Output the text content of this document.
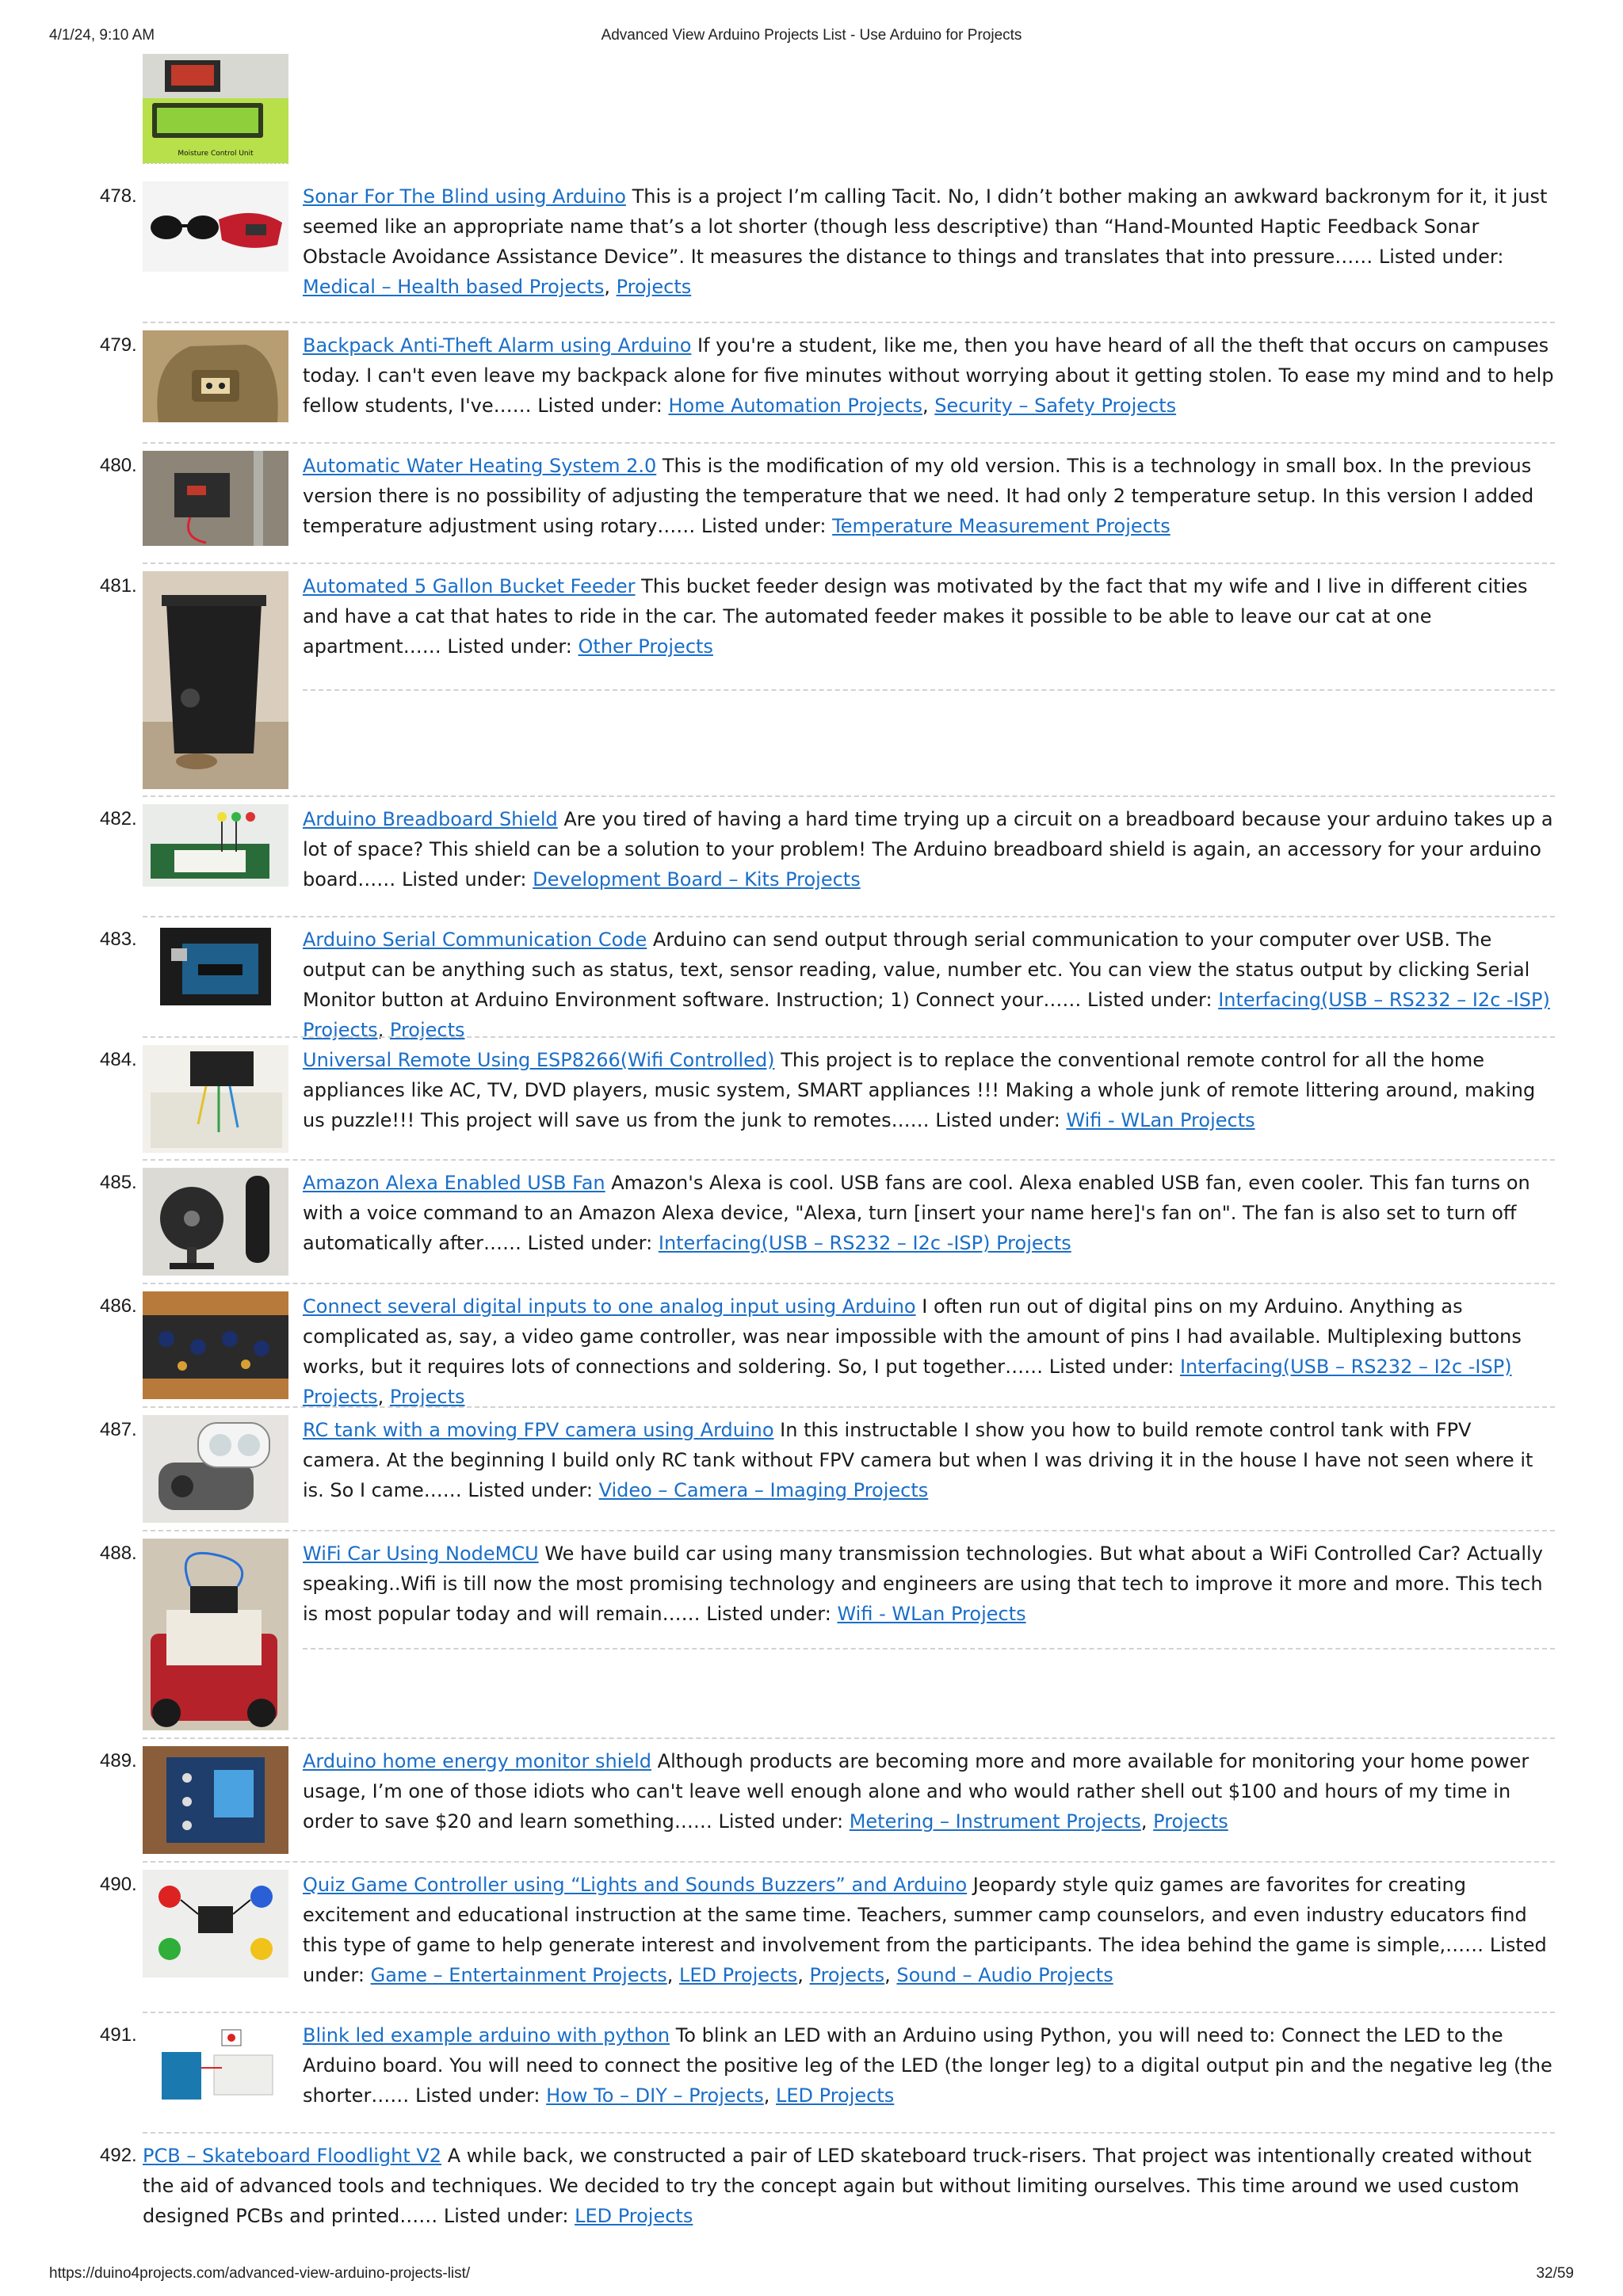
4/1/24, 9:10 AM	Advanced View Arduino Projects List - Use Arduino for Projects
Moisture Control Unit
478.	Sonar For The Blind using Arduino This is a project I’m calling Tacit. No, I didn’t bother making an awkward backronym for it, it just seemed like an appropriate name that’s a lot shorter (though less descriptive) than “Hand-Mounted Haptic Feedback Sonar Obstacle Avoidance Assistance Device”. It measures the distance to things and translates that into pressure…… Listed under: Medical – Health based Projects, Projects
479.	Backpack Anti-Theft Alarm using Arduino If you're a student, like me, then you have heard of all the theft that occurs on campuses today. I can't even leave my backpack alone for five minutes without worrying about it getting stolen. To ease my mind and to help fellow students, I've…… Listed under: Home Automation Projects, Security – Safety Projects
480.	Automatic Water Heating System 2.0 This is the modification of my old version. This is a technology in small box. In the previous version there is no possibility of adjusting the temperature that we need. It had only 2 temperature setup. In this version I added temperature adjustment using rotary…… Listed under: Temperature Measurement Projects
481.	Automated 5 Gallon Bucket Feeder This bucket feeder design was motivated by the fact that my wife and I live in different cities and have a cat that hates to ride in the car. The automated feeder makes it possible to be able to leave our cat at one apartment…… Listed under: Other Projects
482.	Arduino Breadboard Shield Are you tired of having a hard time trying up a circuit on a breadboard because your arduino takes up a lot of space? This shield can be a solution to your problem! The Arduino breadboard shield is again, an accessory for your arduino board…… Listed under: Development Board – Kits Projects
483.	Arduino Serial Communication Code Arduino can send output through serial communication to your computer over USB. The output can be anything such as status, text, sensor reading, value, number etc. You can view the status output by clicking Serial Monitor button at Arduino Environment software. Instruction; 1) Connect your…… Listed under: Interfacing(USB – RS232 – I2c -ISP) Projects, Projects
484.	Universal Remote Using ESP8266(Wifi Controlled) This project is to replace the conventional remote control for all the home appliances like AC, TV, DVD players, music system, SMART appliances !!! Making a whole junk of remote littering around, making us puzzle!!! This project will save us from the junk to remotes…… Listed under: Wifi - WLan Projects
485.	Amazon Alexa Enabled USB Fan Amazon's Alexa is cool. USB fans are cool. Alexa enabled USB fan, even cooler. This fan turns on with a voice command to an Amazon Alexa device, "Alexa, turn [insert your name here]'s fan on". The fan is also set to turn off automatically after…… Listed under: Interfacing(USB – RS232 – I2c -ISP) Projects
486.	Connect several digital inputs to one analog input using Arduino I often run out of digital pins on my Arduino. Anything as complicated as, say, a video game controller, was near impossible with the amount of pins I had available. Multiplexing buttons works, but it requires lots of connections and soldering. So, I put together…… Listed under: Interfacing(USB – RS232 – I2c -ISP) Projects, Projects
487.	RC tank with a moving FPV camera using Arduino In this instructable I show you how to build remote control tank with FPV camera. At the beginning I build only RC tank without FPV camera but when I was driving it in the house I have not seen where it is. So I came…… Listed under: Video – Camera – Imaging Projects
488.	WiFi Car Using NodeMCU We have build car using many transmission technologies. But what about a WiFi Controlled Car? Actually speaking..Wifi is till now the most promising technology and engineers are using that tech to improve it more and more. This tech is most popular today and will remain…… Listed under: Wifi - WLan Projects
489.	Arduino home energy monitor shield Although products are becoming more and more available for monitoring your home power usage, I’m one of those idiots who can't leave well enough alone and who would rather shell out $100 and hours of my time in order to save $20 and learn something…… Listed under: Metering – Instrument Projects, Projects
490.	Quiz Game Controller using “Lights and Sounds Buzzers” and Arduino Jeopardy style quiz games are favorites for creating excitement and educational instruction at the same time. Teachers, summer camp counselors, and even industry educators find this type of game to help generate interest and involvement from the participants. The idea behind the game is simple,…… Listed under: Game – Entertainment Projects, LED Projects, Projects, Sound – Audio Projects
491.	Blink led example arduino with python To blink an LED with an Arduino using Python, you will need to: Connect the LED to the Arduino board. You will need to connect the positive leg of the LED (the longer leg) to a digital output pin and the negative leg (the shorter…… Listed under: How To – DIY – Projects, LED Projects
492. PCB – Skateboard Floodlight V2 A while back, we constructed a pair of LED skateboard truck-risers. That project was intentionally created without the aid of advanced tools and techniques. We decided to try the concept again but without limiting ourselves. This time around we used custom designed PCBs and printed…… Listed under: LED Projects
https://duino4projects.com/advanced-view-arduino-projects-list/	32/59
